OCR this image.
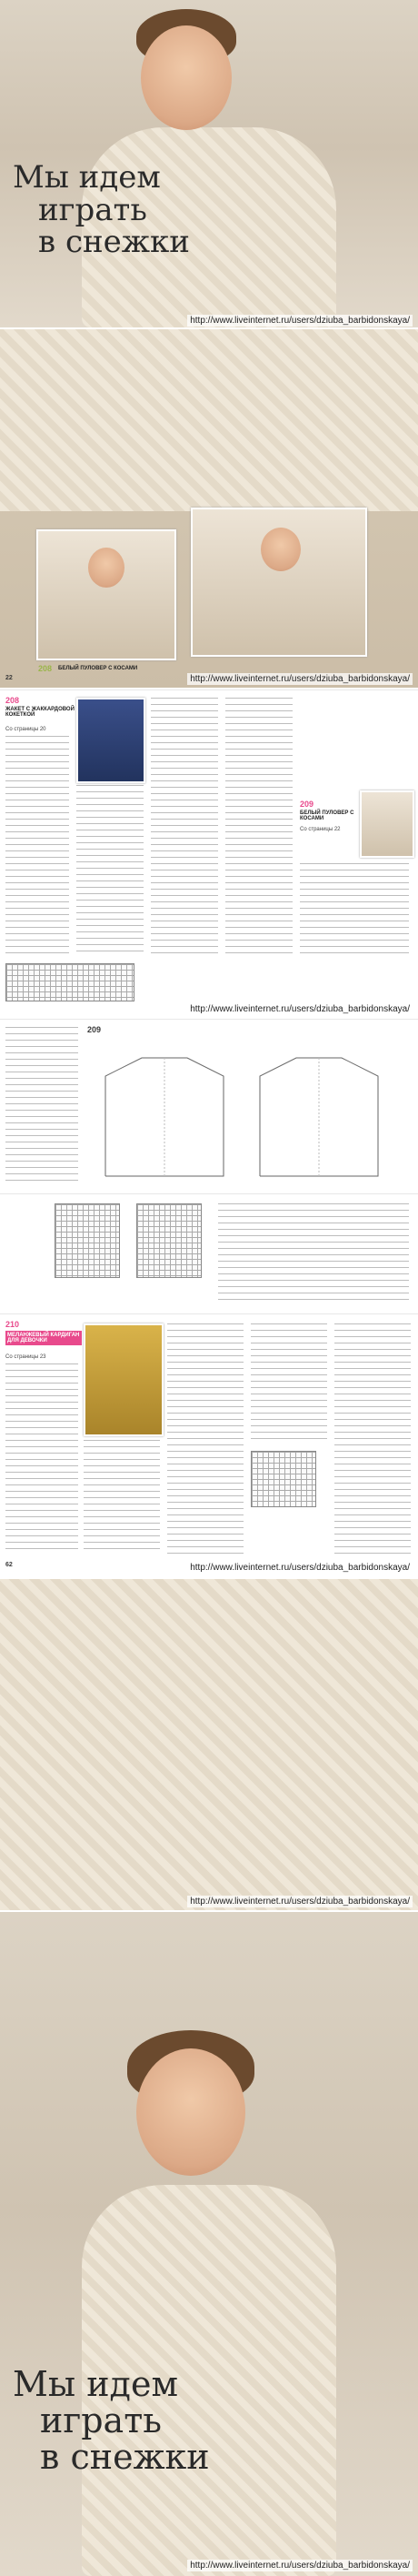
Мы идем
играть
в снежки
http://www.liveinternet.ru/users/dziuba_barbidonskaya/
208 БЕЛЫЙ ПУЛОВЕР С КОСАМИ
22	http://www.liveinternet.ru/users/dziuba_barbidonskaya/
208
ЖАКЕТ С ЖАККАРДОВОЙ КОКЕТКОЙ
Со страницы 20
209
БЕЛЫЙ ПУЛОВЕР С КОСАМИ
Со страницы 22
http://www.liveinternet.ru/users/dziuba_barbidonskaya/
209
210
МЕЛАНЖЕВЫЙ КАРДИГАН ДЛЯ ДЕВОЧКИ
Со страницы 23
62	http://www.liveinternet.ru/users/dziuba_barbidonskaya/
http://www.liveinternet.ru/users/dziuba_barbidonskaya/
Мы идем
играть
в снежки
http://www.liveinternet.ru/users/dziuba_barbidonskaya/
